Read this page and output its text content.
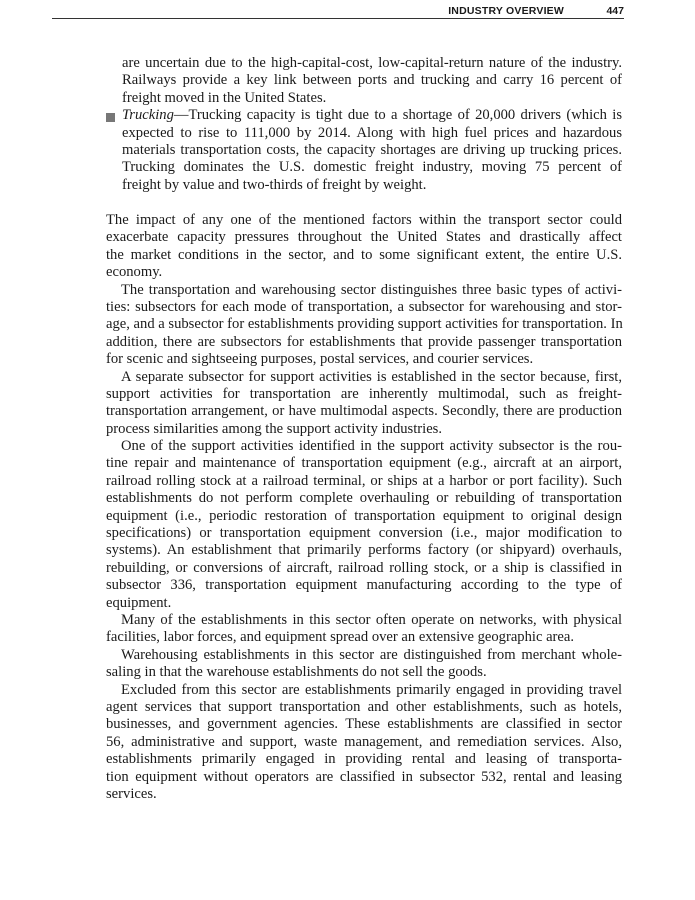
INDUSTRY OVERVIEW	447
are uncertain due to the high-capital-cost, low-capital-return nature of the industry.
Railways provide a key link between ports and trucking and carry 16 percent of
freight moved in the United States.
Trucking—Trucking capacity is tight due to a shortage of 20,000 drivers (which is
expected to rise to 111,000 by 2014. Along with high fuel prices and hazardous
materials transportation costs, the capacity shortages are driving up trucking prices.
Trucking dominates the U.S. domestic freight industry, moving 75 percent of
freight by value and two-thirds of freight by weight.
The impact of any one of the mentioned factors within the transport sector could
exacerbate capacity pressures throughout the United States and drastically affect
the market conditions in the sector, and to some significant extent, the entire U.S.
economy.
The transportation and warehousing sector distinguishes three basic types of activi-
ties: subsectors for each mode of transportation, a subsector for warehousing and stor-
age, and a subsector for establishments providing support activities for transportation. In
addition, there are subsectors for establishments that provide passenger transportation
for scenic and sightseeing purposes, postal services, and courier services.
A separate subsector for support activities is established in the sector because, first,
support activities for transportation are inherently multimodal, such as freight-
transportation arrangement, or have multimodal aspects. Secondly, there are production
process similarities among the support activity industries.
One of the support activities identified in the support activity subsector is the rou-
tine repair and maintenance of transportation equipment (e.g., aircraft at an airport,
railroad rolling stock at a railroad terminal, or ships at a harbor or port facility). Such
establishments do not perform complete overhauling or rebuilding of transportation
equipment (i.e., periodic restoration of transportation equipment to original design
specifications) or transportation equipment conversion (i.e., major modification to
systems). An establishment that primarily performs factory (or shipyard) overhauls,
rebuilding, or conversions of aircraft, railroad rolling stock, or a ship is classified in
subsector 336, transportation equipment manufacturing according to the type of
equipment.
Many of the establishments in this sector often operate on networks, with physical
facilities, labor forces, and equipment spread over an extensive geographic area.
Warehousing establishments in this sector are distinguished from merchant whole-
saling in that the warehouse establishments do not sell the goods.
Excluded from this sector are establishments primarily engaged in providing travel
agent services that support transportation and other establishments, such as hotels,
businesses, and government agencies. These establishments are classified in sector
56, administrative and support, waste management, and remediation services. Also,
establishments primarily engaged in providing rental and leasing of transporta-
tion equipment without operators are classified in subsector 532, rental and leasing
services.
